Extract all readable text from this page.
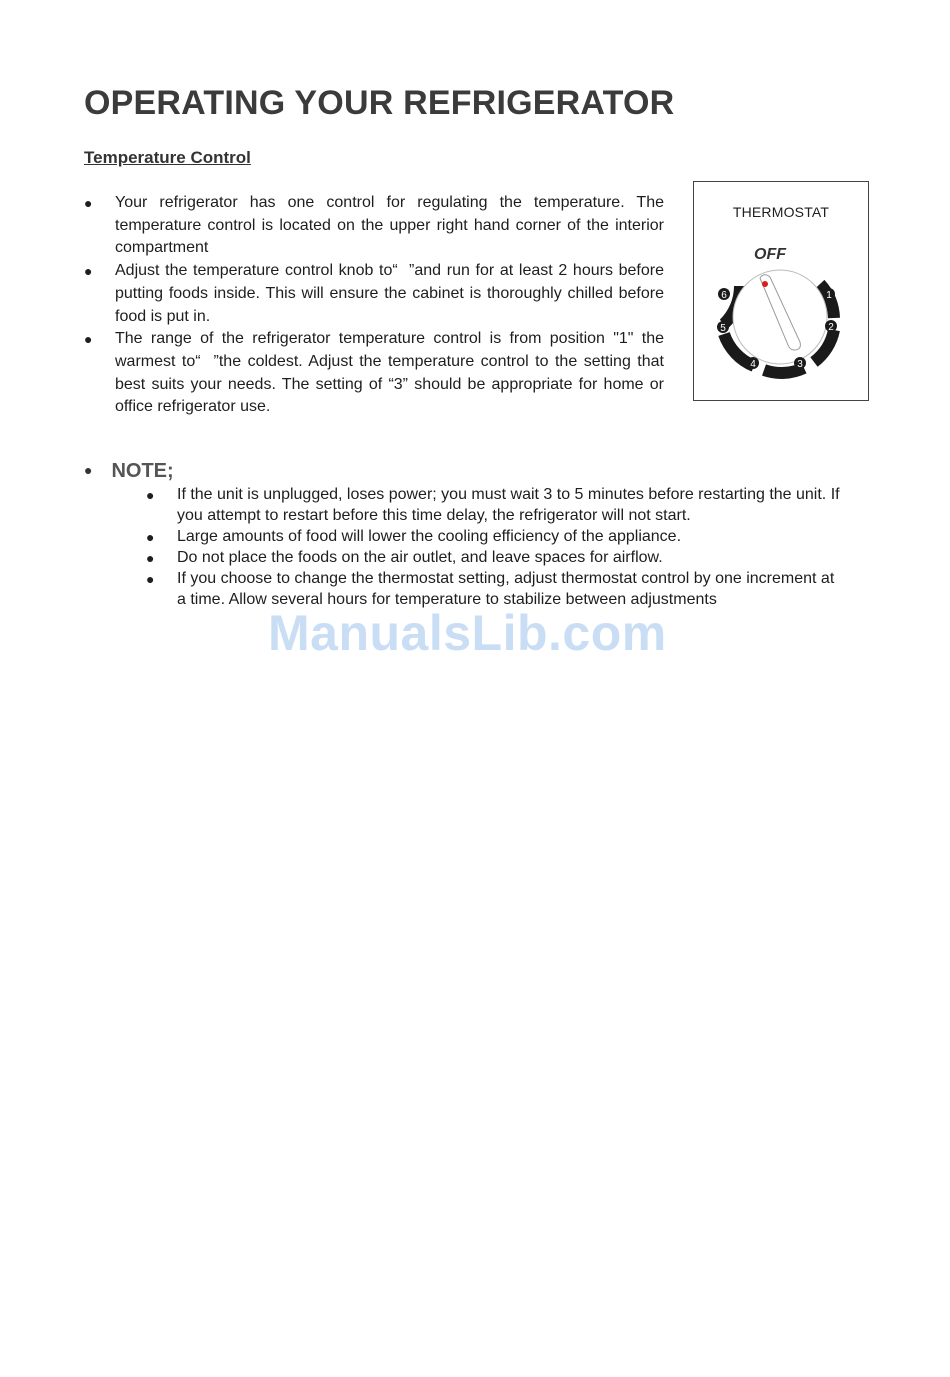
OPERATING YOUR REFRIGERATOR
Temperature Control
● Your refrigerator has one control for regulating the temperature. The temperature control is located on the upper right hand corner of the interior compartment
● Adjust the temperature control knob to“  ”and run for at least 2 hours before putting foods inside. This will ensure the cabinet is thoroughly chilled before food is put in.
● The range of the refrigerator temperature control is from position "1" the warmest to“  ”the coldest. Adjust the temperature control to the setting that best suits your needs. The setting of “3” should be appropriate for home or office refrigerator use.
THERMOSTAT
OFF
1
2
3
4
5
6
● NOTE;
● If the unit is unplugged, loses power; you must wait 3 to 5 minutes before restarting the unit. If you attempt to restart before this time delay, the refrigerator will not start.
● Large amounts of food will lower the cooling efficiency of the appliance.
● Do not place the foods on the air outlet, and leave spaces for airflow.
● If you choose to change the thermostat setting, adjust thermostat control by one increment at a time. Allow several hours for temperature to stabilize between adjustments
ManualsLib.com
